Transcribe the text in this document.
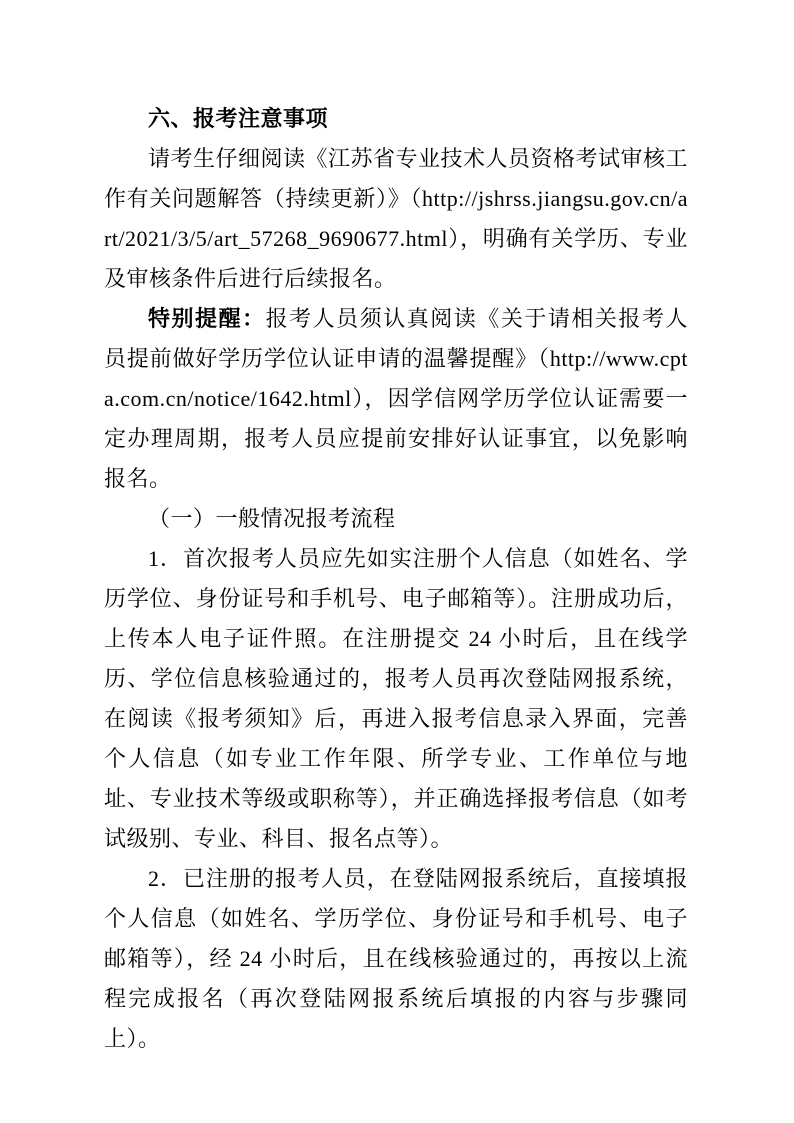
六、报考注意事项

请考生仔细阅读《江苏省专业技术人员资格考试审核工作有关问题解答（持续更新）》（http://jshrss.jiangsu.gov.cn/art/2021/3/5/art_57268_9690677.html），明确有关学历、专业及审核条件后进行后续报名。

特别提醒：报考人员须认真阅读《关于请相关报考人员提前做好学历学位认证申请的温馨提醒》（http://www.cpta.com.cn/notice/1642.html），因学信网学历学位认证需要一定办理周期，报考人员应提前安排好认证事宜，以免影响报名。

（一）一般情况报考流程

1．首次报考人员应先如实注册个人信息（如姓名、学历学位、身份证号和手机号、电子邮箱等）。注册成功后，上传本人电子证件照。在注册提交 24 小时后，且在线学历、学位信息核验通过的，报考人员再次登陆网报系统，在阅读《报考须知》后，再进入报考信息录入界面，完善个人信息（如专业工作年限、所学专业、工作单位与地址、专业技术等级或职称等），并正确选择报考信息（如考试级别、专业、科目、报名点等）。

2．已注册的报考人员，在登陆网报系统后，直接填报个人信息（如姓名、学历学位、身份证号和手机号、电子邮箱等），经 24 小时后，且在线核验通过的，再按以上流程完成报名（再次登陆网报系统后填报的内容与步骤同上）。
